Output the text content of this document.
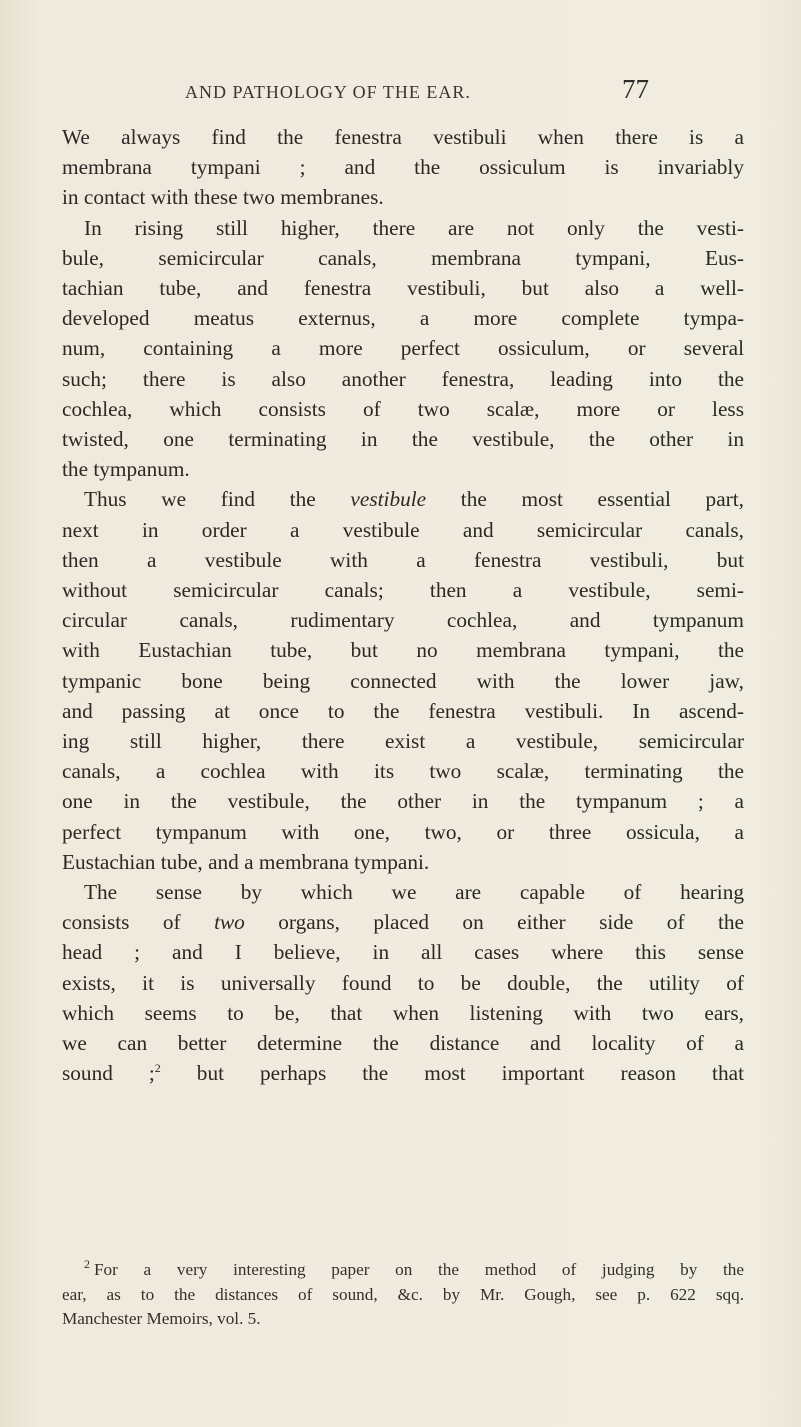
AND PATHOLOGY OF THE EAR.	77
We always find the fenestra vestibuli when there is a
membrana tympani ; and the ossiculum is invariably
in contact with these two membranes.
In rising still higher, there are not only the vesti-
bule, semicircular canals, membrana tympani, Eus-
tachian tube, and fenestra vestibuli, but also a well-
developed meatus externus, a more complete tympa-
num, containing a more perfect ossiculum, or several
such; there is also another fenestra, leading into the
cochlea, which consists of two scalæ, more or less
twisted, one terminating in the vestibule, the other in
the tympanum.
Thus we find the vestibule the most essential part,
next in order a vestibule and semicircular canals,
then a vestibule with a fenestra vestibuli, but
without semicircular canals; then a vestibule, semi-
circular canals, rudimentary cochlea, and tympanum
with Eustachian tube, but no membrana tympani, the
tympanic bone being connected with the lower jaw,
and passing at once to the fenestra vestibuli. In ascend-
ing still higher, there exist a vestibule, semicircular
canals, a cochlea with its two scalæ, terminating the
one in the vestibule, the other in the tympanum ; a
perfect tympanum with one, two, or three ossicula, a
Eustachian tube, and a membrana tympani.
The sense by which we are capable of hearing
consists of two organs, placed on either side of the
head ; and I believe, in all cases where this sense
exists, it is universally found to be double, the utility of
which seems to be, that when listening with two ears,
we can better determine the distance and locality of a
sound ;$^2$ but perhaps the most important reason that
$^2$ For a very interesting paper on the method of judging by the
ear, as to the distances of sound, &c. by Mr. Gough, see p. 622 sqq.
Manchester Memoirs, vol. 5.
